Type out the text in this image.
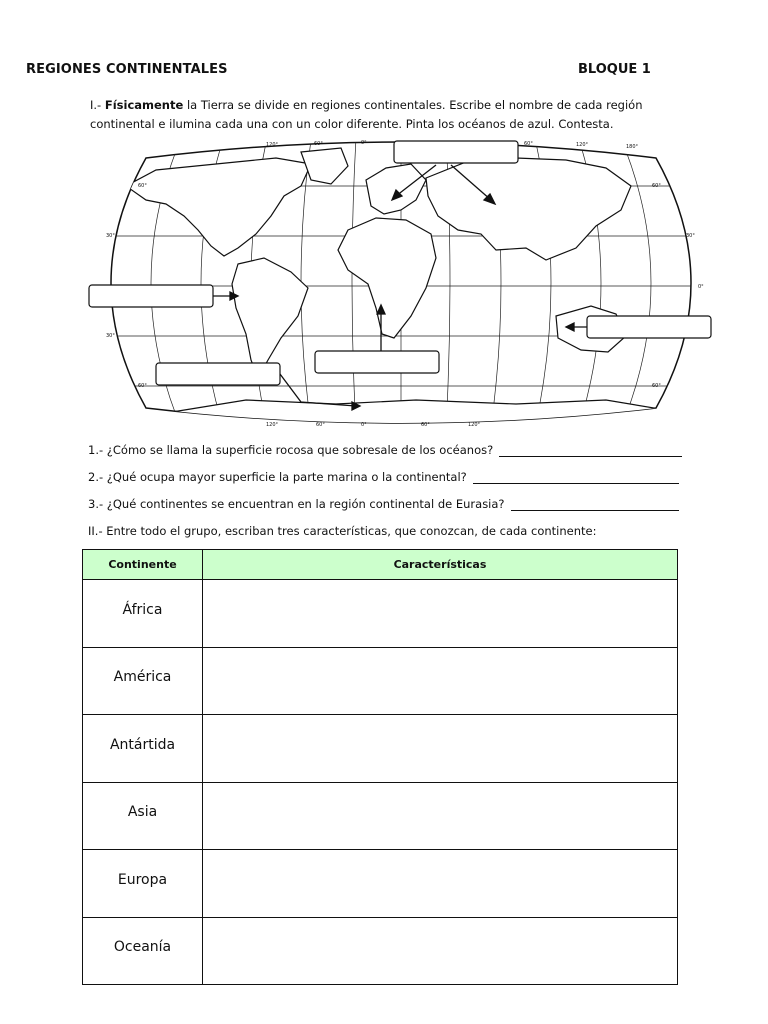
REGIONES CONTINENTALES	BLOQUE 1
I.- Físicamente la Tierra se divide en regiones continentales. Escribe el nombre de cada región continental e ilumina cada una con un color diferente. Pinta los océanos de azul. Contesta.
120°	60°	0°	60°	120°	180°
120°	60°	0°	60°	120°
60°
30°
30°
60°
60°
30°
0°
60°
1.- ¿Cómo se llama la superficie rocosa que sobresale de los océanos?
2.- ¿Qué ocupa mayor superficie la parte marina o la continental?
3.- ¿Qué continentes se encuentran en la región continental de Eurasia?
II.- Entre todo el grupo, escriban tres características, que conozcan, de cada continente:
Continente	Características
África	
América	
Antártida	
Asia	
Europa	
Oceanía	
